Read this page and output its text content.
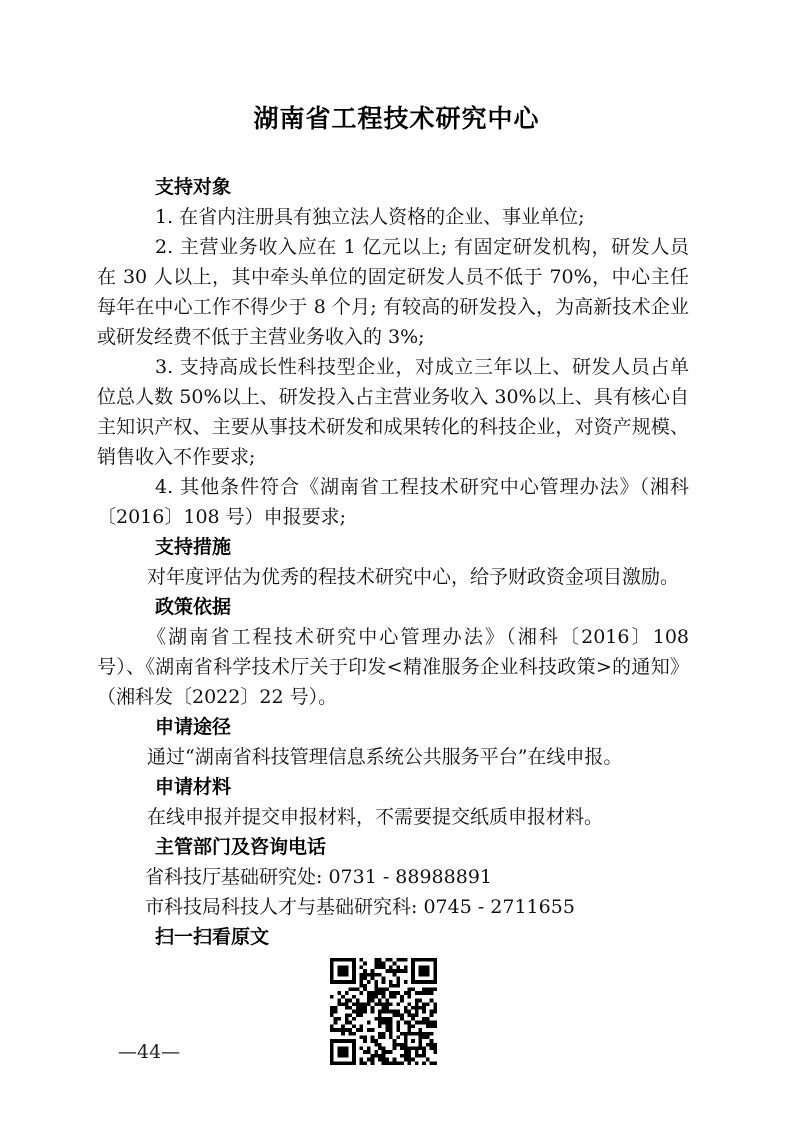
湖南省工程技术研究中心
支持对象

1. 在省内注册具有独立法人资格的企业、事业单位;

2. 主营业务收入应在 1 亿元以上; 有固定研发机构，研发人员在 30 人以上，其中牵头单位的固定研发人员不低于 70%，中心主任每年在中心工作不得少于 8 个月; 有较高的研发投入，为高新技术企业或研发经费不低于主营业务收入的 3%;

3. 支持高成长性科技型企业，对成立三年以上、研发人员占单位总人数 50%以上、研发投入占主营业务收入 30%以上、具有核心自主知识产权、主要从事技术研发和成果转化的科技企业，对资产规模、销售收入不作要求;

4. 其他条件符合《湖南省工程技术研究中心管理办法》（湘科〔2016〕108 号）申报要求;

支持措施

对年度评估为优秀的程技术研究中心，给予财政资金项目激励。

政策依据

《湖南省工程技术研究中心管理办法》（湘科〔2016〕108 号）、《湖南省科学技术厅关于印发<精准服务企业科技政策>的通知》（湘科发〔2022〕22 号）。

申请途径

通过“湖南省科技管理信息系统公共服务平台”在线申报。

申请材料

在线申报并提交申报材料，不需要提交纸质申报材料。

主管部门及咨询电话

省科技厅基础研究处: 0731 - 88988891

市科技局科技人才与基础研究科: 0745 - 2711655

扫一扫看原文
—44—
